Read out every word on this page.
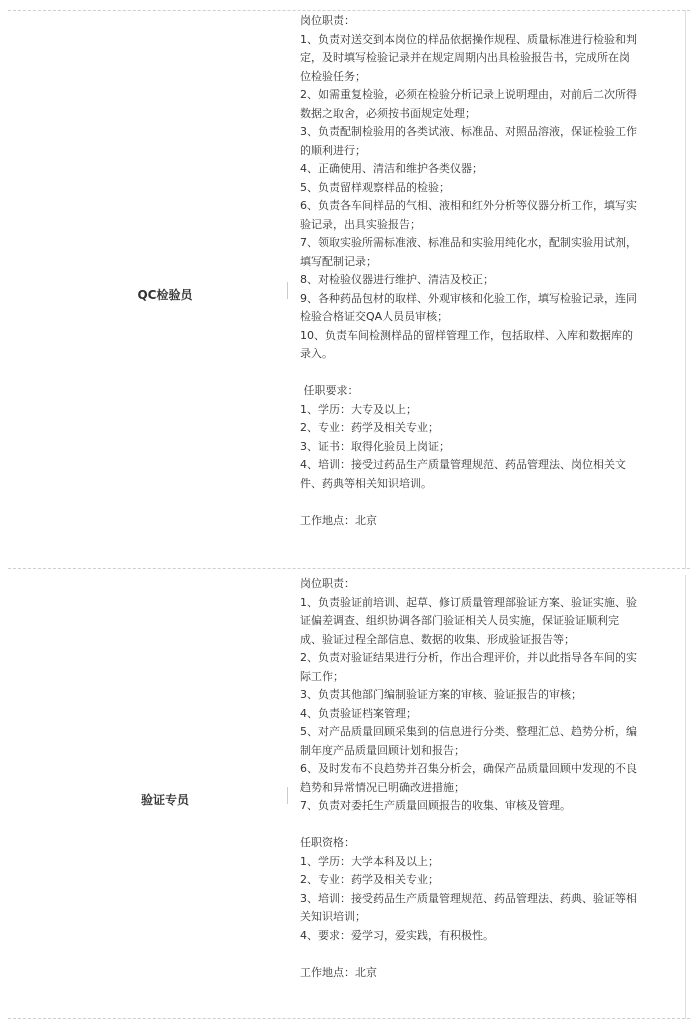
QC检验员
岗位职责：
1、负责对送交到本岗位的样品依据操作规程、质量标准进行检验和判
定，及时填写检验记录并在规定周期内出具检验报告书，完成所在岗
位检验任务；
2、如需重复检验，必须在检验分析记录上说明理由，对前后二次所得
数据之取舍，必须按书面规定处理；
3、负责配制检验用的各类试液、标准品、对照品溶液，保证检验工作
的顺利进行；
4、正确使用、清洁和维护各类仪器；
5、负责留样观察样品的检验；
6、负责各车间样品的气相、液相和红外分析等仪器分析工作，填写实
验记录，出具实验报告；
7、领取实验所需标准液、标准品和实验用纯化水，配制实验用试剂，
填写配制记录；
8、对检验仪器进行维护、清洁及校正；
9、各种药品包材的取样、外观审核和化验工作，填写检验记录，连同
检验合格证交QA人员员审核；
10、负责车间检测样品的留样管理工作，包括取样、入库和数据库的
录入。
任职要求：
1、学历：大专及以上；
2、专业：药学及相关专业；
3、证书：取得化验员上岗证；
4、培训：接受过药品生产质量管理规范、药品管理法、岗位相关文
件、药典等相关知识培训。
工作地点：北京
验证专员
岗位职责：
1、负责验证前培训、起草、修订质量管理部验证方案、验证实施、验
证偏差调查、组织协调各部门验证相关人员实施，保证验证顺利完
成、验证过程全部信息、数据的收集、形成验证报告等；
2、负责对验证结果进行分析，作出合理评价，并以此指导各车间的实
际工作；
3、负责其他部门编制验证方案的审核、验证报告的审核；
4、负责验证档案管理；
5、对产品质量回顾采集到的信息进行分类、整理汇总、趋势分析，编
制年度产品质量回顾计划和报告；
6、及时发布不良趋势并召集分析会，确保产品质量回顾中发现的不良
趋势和异常情况已明确改进措施；
7、负责对委托生产质量回顾报告的收集、审核及管理。
任职资格：
1、学历：大学本科及以上；
2、专业：药学及相关专业；
3、培训：接受药品生产质量管理规范、药品管理法、药典、验证等相
关知识培训；
4、要求：爱学习，爱实践，有积极性。
工作地点：北京
